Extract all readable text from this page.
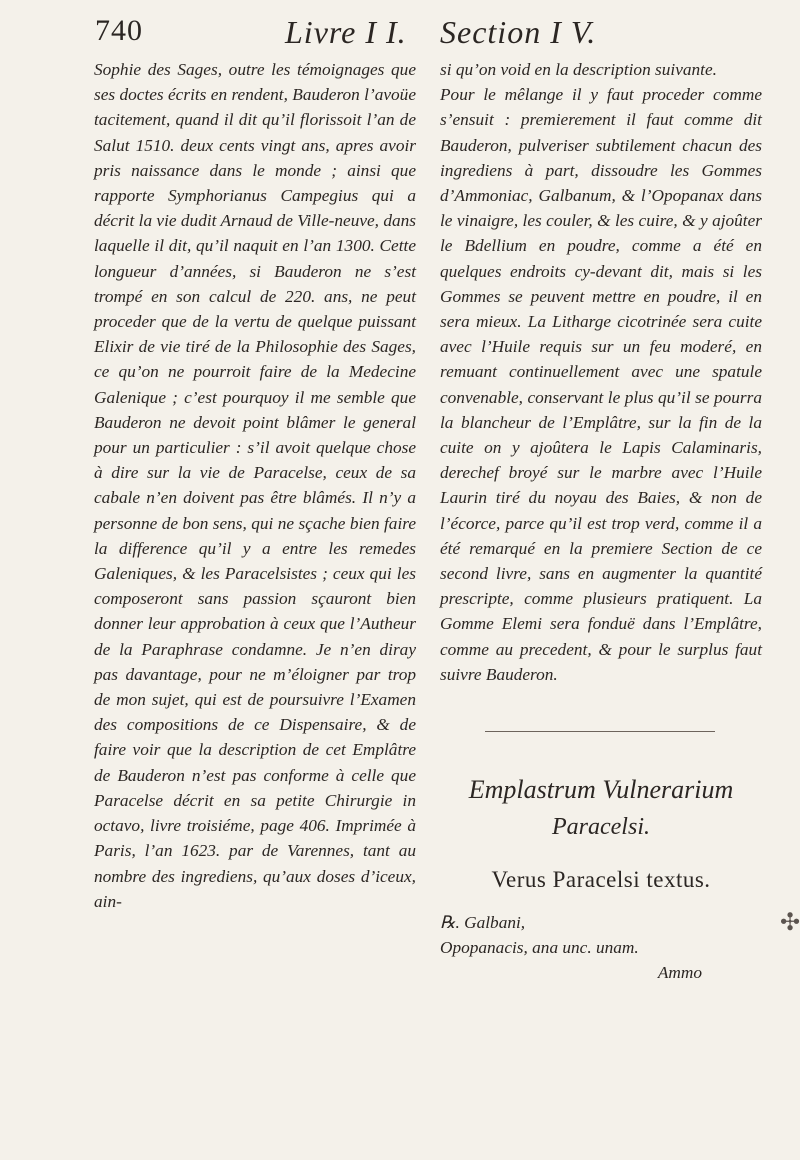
740	Livre I I. Section I V.

Sophie des Sages, outre les témoignages que ses doctes écrits en rendent, Bauderon l’avoüe tacitement, quand il dit qu’il florissoit l’an de Salut 1510. deux cents vingt ans, apres avoir pris naissance dans le monde ; ainsi que rapporte Symphorianus Campegius qui a décrit la vie dudit Arnaud de Ville-neuve, dans laquelle il dit, qu’il naquit en l’an 1300. Cette longueur d’années, si Bauderon ne s’est trompé en son calcul de 220. ans, ne peut proceder que de la vertu de quelque puissant Elixir de vie tiré de la Philosophie des Sages, ce qu’on ne pourroit faire de la Medecine Galenique ; c’est pourquoy il me semble que Bauderon ne devoit point blâmer le general pour un particulier : s’il avoit quelque chose à dire sur la vie de Paracelse, ceux de sa cabale n’en doivent pas être blâmés. Il n’y a personne de bon sens, qui ne sçache bien faire la difference qu’il y a entre les remedes Galeniques, & les Paracelsistes ; ceux qui les composeront sans passion sçauront bien donner leur approbation à ceux que l’Autheur de la Paraphrase condamne. Je n’en diray pas davantage, pour ne m’éloigner par trop de mon sujet, qui est de poursuivre l’Examen des compositions de ce Dispensaire, & de faire voir que la description de cet Emplâtre de Bauderon n’est pas conforme à celle que Paracelse décrit en sa petite Chirurgie in octavo, livre troisiéme, page 406. Imprimée à Paris, l’an 1623. par de Varennes, tant au nombre des ingrediens, qu’aux doses d’iceux, ain-

si qu’on void en la description suivante.

Pour le mêlange il y faut proceder comme s’ensuit : premierement il faut comme dit Bauderon, pulveriser subtilement chacun des ingrediens à part, dissoudre les Gommes d’Ammoniac, Galbanum, & l’Opopanax dans le vinaigre, les couler, & les cuire, & y ajoûter le Bdellium en poudre, comme a été en quelques endroits cy-devant dit, mais si les Gommes se peuvent mettre en poudre, il en sera mieux. La Litharge cicotrinée sera cuite avec l’Huile requis sur un feu moderé, en remuant continuellement avec une spatule convenable, conservant le plus qu’il se pourra la blancheur de l’Emplâtre, sur la fin de la cuite on y ajoûtera le Lapis Calaminaris, derechef broyé sur le marbre avec l’Huile Laurin tiré du noyau des Baies, & non de l’écorce, parce qu’il est trop verd, comme il a été remarqué en la premiere Section de ce second livre, sans en augmenter la quantité prescripte, comme plusieurs pratiquent. La Gomme Elemi sera fonduë dans l’Emplâtre, comme au precedent, & pour le surplus faut suivre Bauderon.

Emplastrum Vulnerarium
Paracelsi.
Verus Paracelsi textus.

℞. Galbani,

Opopanacis, ana unc. unam.

Ammo

✣
